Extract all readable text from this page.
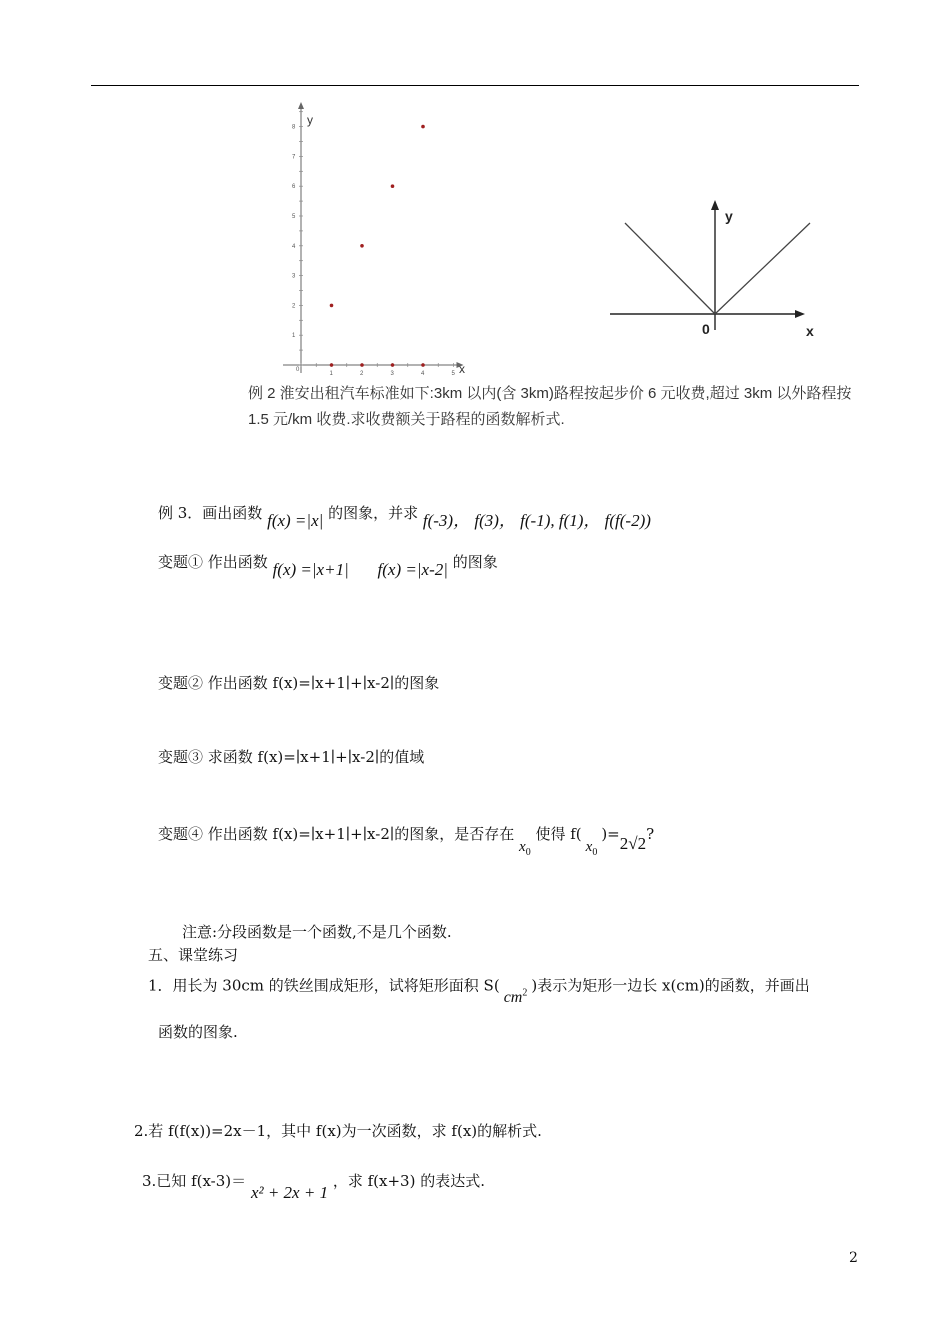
1
2
3
4
5
6
7
8
1	2	3	4	5
y
x
0
y
0	x
例 2 淮安出租汽车标准如下:3km 以内(含 3km)路程按起步价 6 元收费,超过 3km 以外路程按
1.5 元/km 收费.求收费额关于路程的函数解析式.
例 3．画出函数 f(x) =|x| 的图象，并求 f(-3)， f(3)， f(-1), f(1)， f(f(-2))
变题① 作出函数 f(x) =|x+1| f(x) =|x-2| 的图象
变题② 作出函数 f(x)=∣x+1∣+∣x-2∣的图象
变题③ 求函数 f(x)=∣x+1∣+∣x-2∣的值域
变题④ 作出函数 f(x)=∣x+1∣+∣x-2∣的图象，是否存在 $x_0$ 使得 $f(x_0)=2√2$?
注意:分段函数是一个函数,不是几个函数.
五、课堂练习
1．用长为 30cm 的铁丝围成矩形，试将矩形面积 $S(cm^2$ )表示为矩形一边长 x(cm)的函数，并画出
函数的图象.
2.若 f(f(x))=2x－1，其中 f(x)为一次函数，求 f(x)的解析式.
3.已知 f(x-3)＝ x² + 2x + 1 ，求 f(x+3) 的表达式.
2
